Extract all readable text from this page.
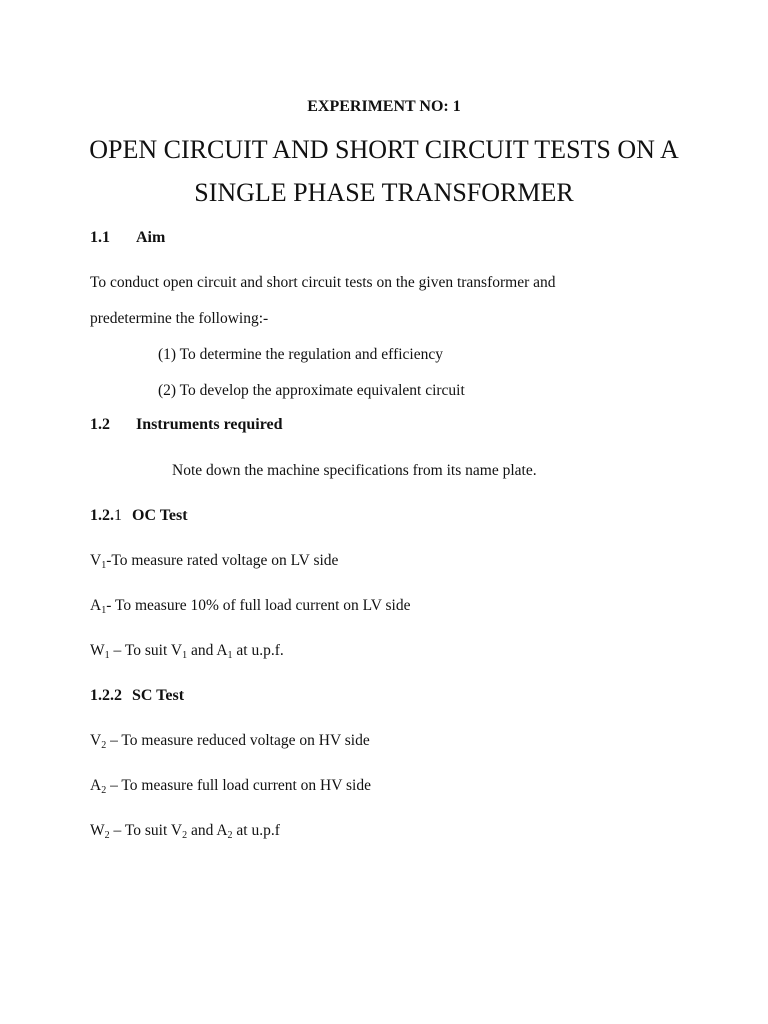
EXPERIMENT NO: 1

OPEN CIRCUIT AND SHORT CIRCUIT TESTS ON A

SINGLE PHASE TRANSFORMER

1.1 Aim

To conduct open circuit and short circuit tests on the given transformer and

predetermine the following:-

(1) To determine the regulation and efficiency

(2) To develop the approximate equivalent circuit

1.2 Instruments required

Note down the machine specifications from its name plate.

1.2.1 OC Test

$V_1-To$ measure rated voltage on LV side

$A_1-$ To measure 10% of full load current on LV side

$W_1$ – To suit $V_1$ and $A_1$ at u.p.f.

1.2.2 SC Test

$V_2$ – To measure reduced voltage on HV side

$A_2$ – To measure full load current on HV side

$W_2$ – To suit $V_2$ and $A_2$ at u.p.f
